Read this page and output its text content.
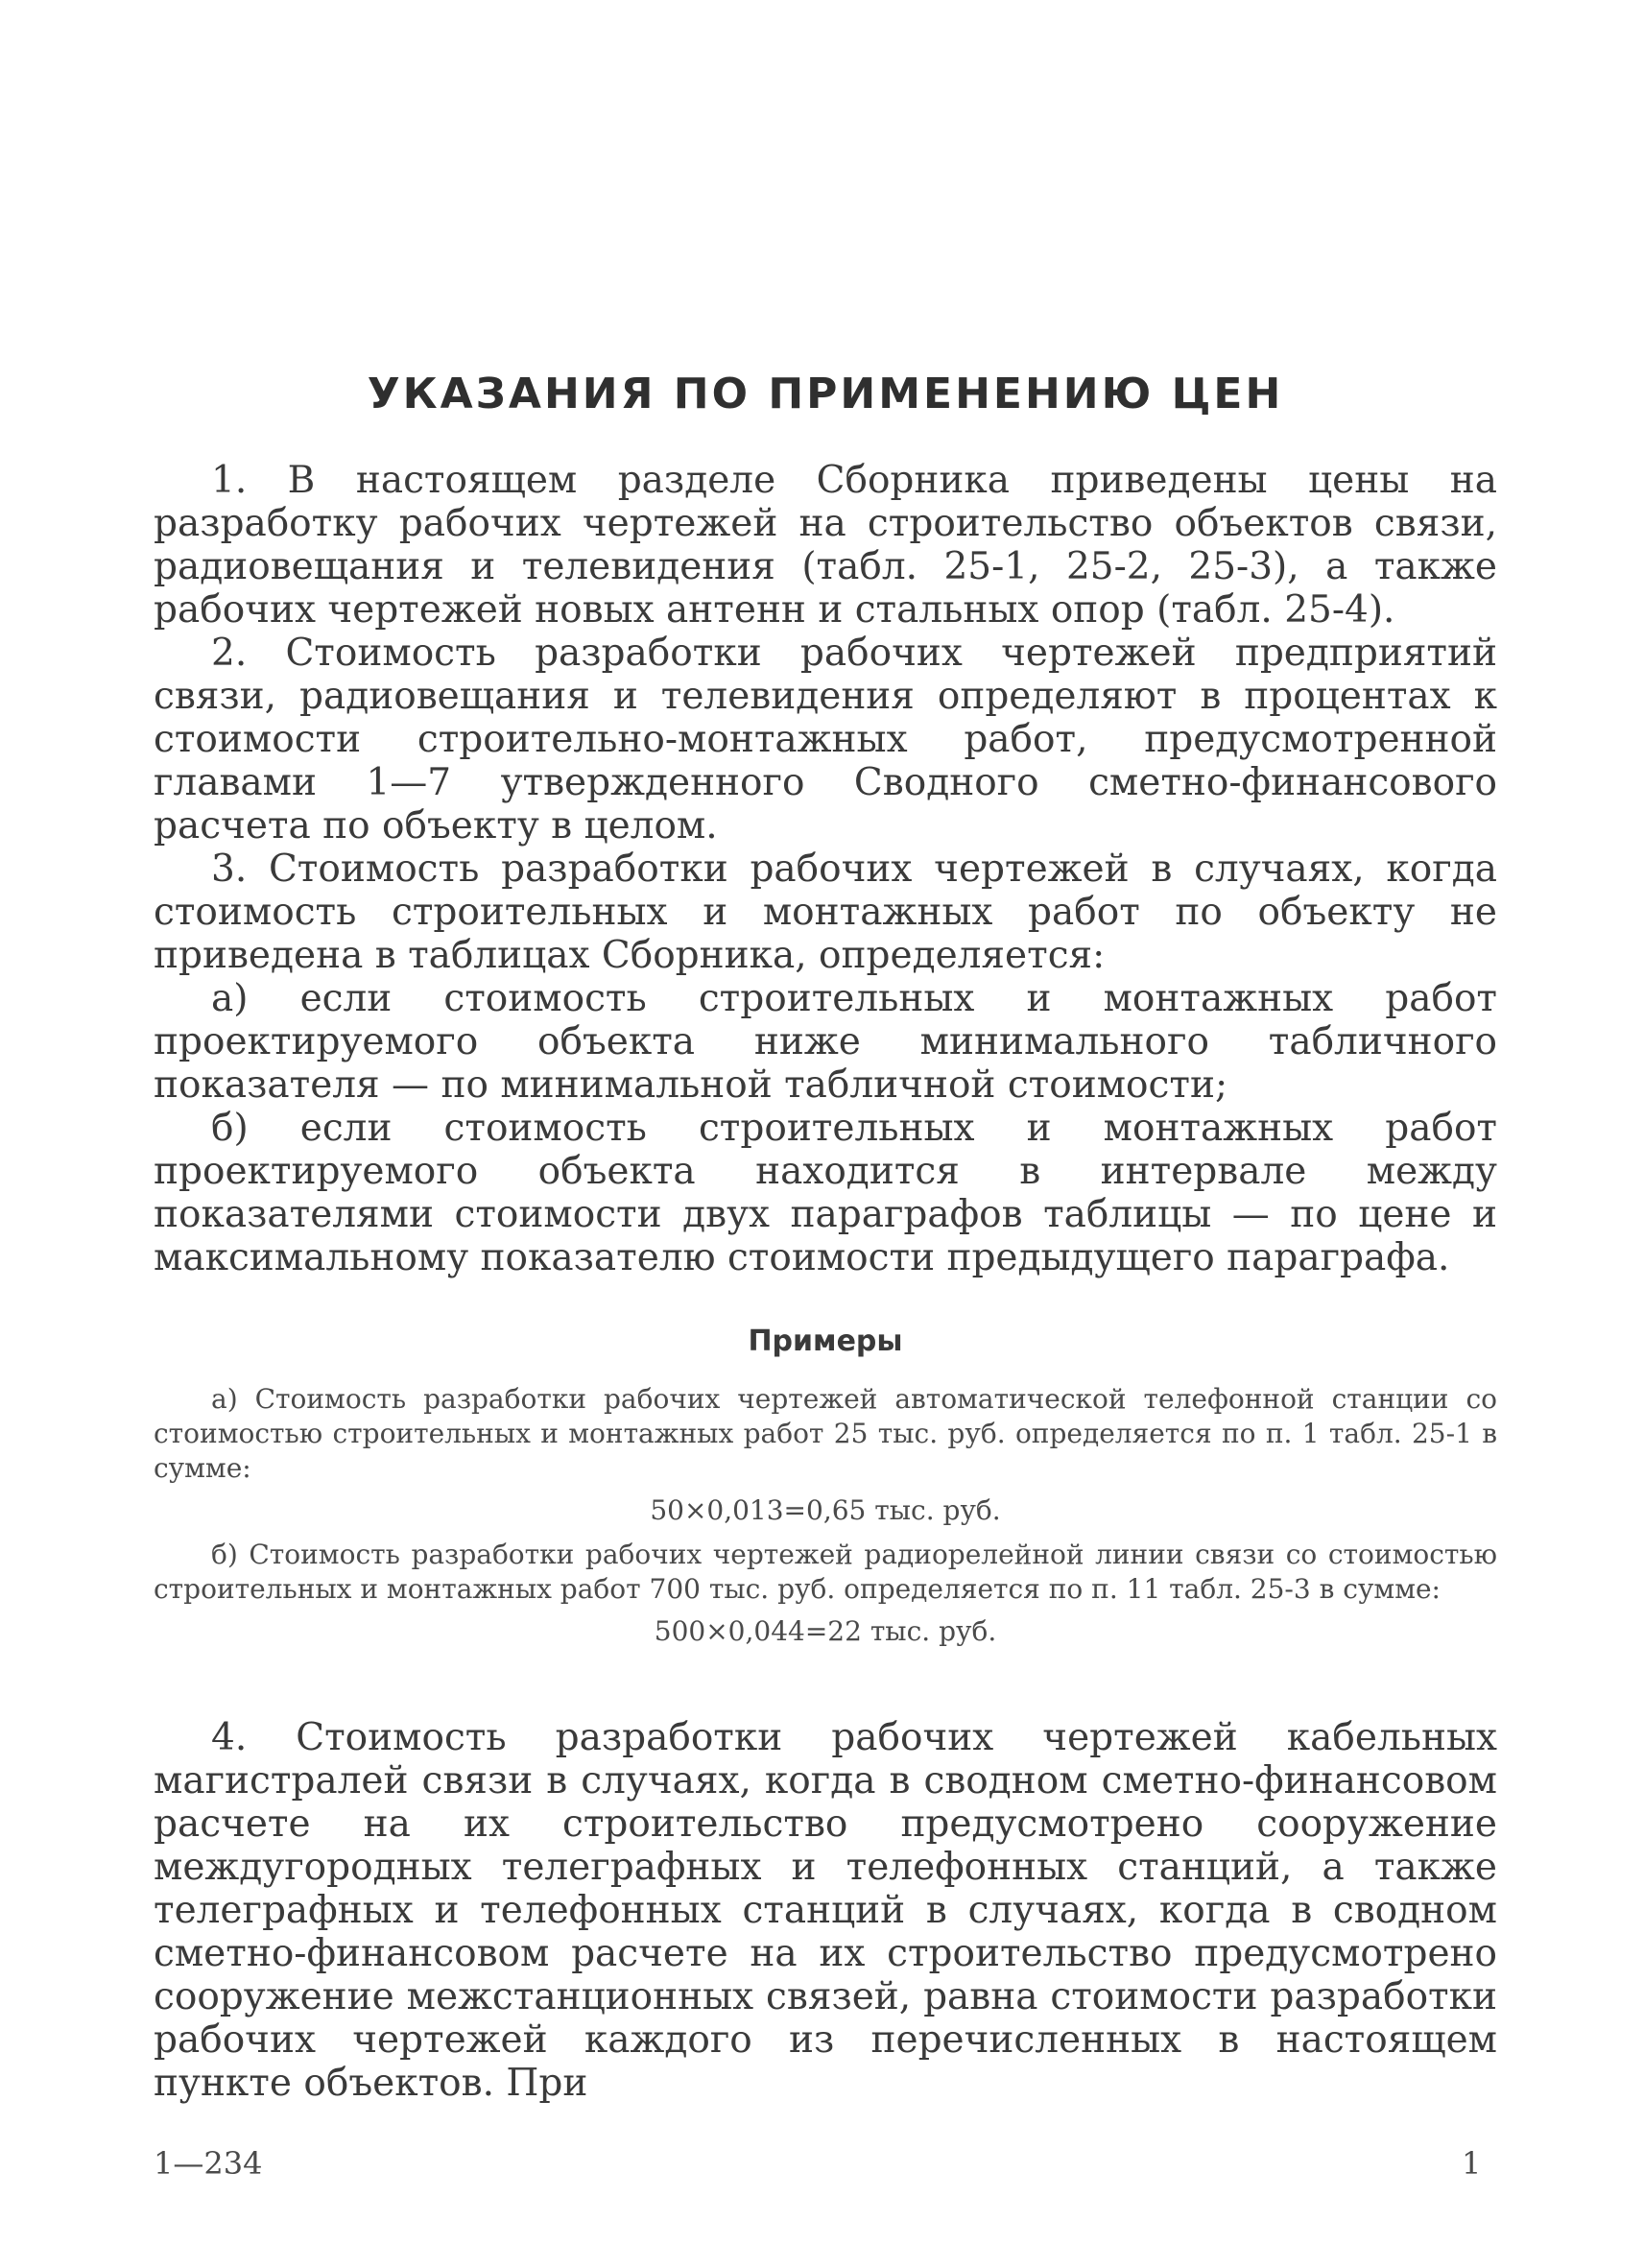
УКАЗАНИЯ ПО ПРИМЕНЕНИЮ ЦЕН

1. В настоящем разделе Сборника приведены цены на разработку рабочих чертежей на строительство объектов связи, радиовещания и телевидения (табл. 25-1, 25-2, 25-3), а также рабочих чертежей новых антенн и стальных опор (табл. 25-4).

2. Стоимость разработки рабочих чертежей предприятий связи, радиовещания и телевидения определяют в процентах к стоимости строительно-монтажных работ, предусмотренной главами 1—7 утвержденного Сводного сметно-финансового расчета по объекту в целом.

3. Стоимость разработки рабочих чертежей в случаях, когда стоимость строительных и монтажных работ по объекту не приведена в таблицах Сборника, определяется:

а) если стоимость строительных и монтажных работ проектируемого объекта ниже минимального табличного показателя — по минимальной табличной стоимости;

б) если стоимость строительных и монтажных работ проектируемого объекта находится в интервале между показателями стоимости двух параграфов таблицы — по цене и максимальному показателю стоимости предыдущего параграфа.

Примеры

а) Стоимость разработки рабочих чертежей автоматической телефонной станции со стоимостью строительных и монтажных работ 25 тыс. руб. определяется по п. 1 табл. 25-1 в сумме:

50×0,013=0,65 тыс. руб.

б) Стоимость разработки рабочих чертежей радиорелейной линии связи со стоимостью строительных и монтажных работ 700 тыс. руб. определяется по п. 11 табл. 25-3 в сумме:

500×0,044=22 тыс. руб.

4. Стоимость разработки рабочих чертежей кабельных магистралей связи в случаях, когда в сводном сметно-финансовом расчете на их строительство предусмотрено сооружение междугородных телеграфных и телефонных станций, а также телеграфных и телефонных станций в случаях, когда в сводном сметно-финансовом расчете на их строительство предусмотрено сооружение межстанционных связей, равна стоимости разработки рабочих чертежей каждого из перечисленных в настоящем пункте объектов. При

1—234	1
